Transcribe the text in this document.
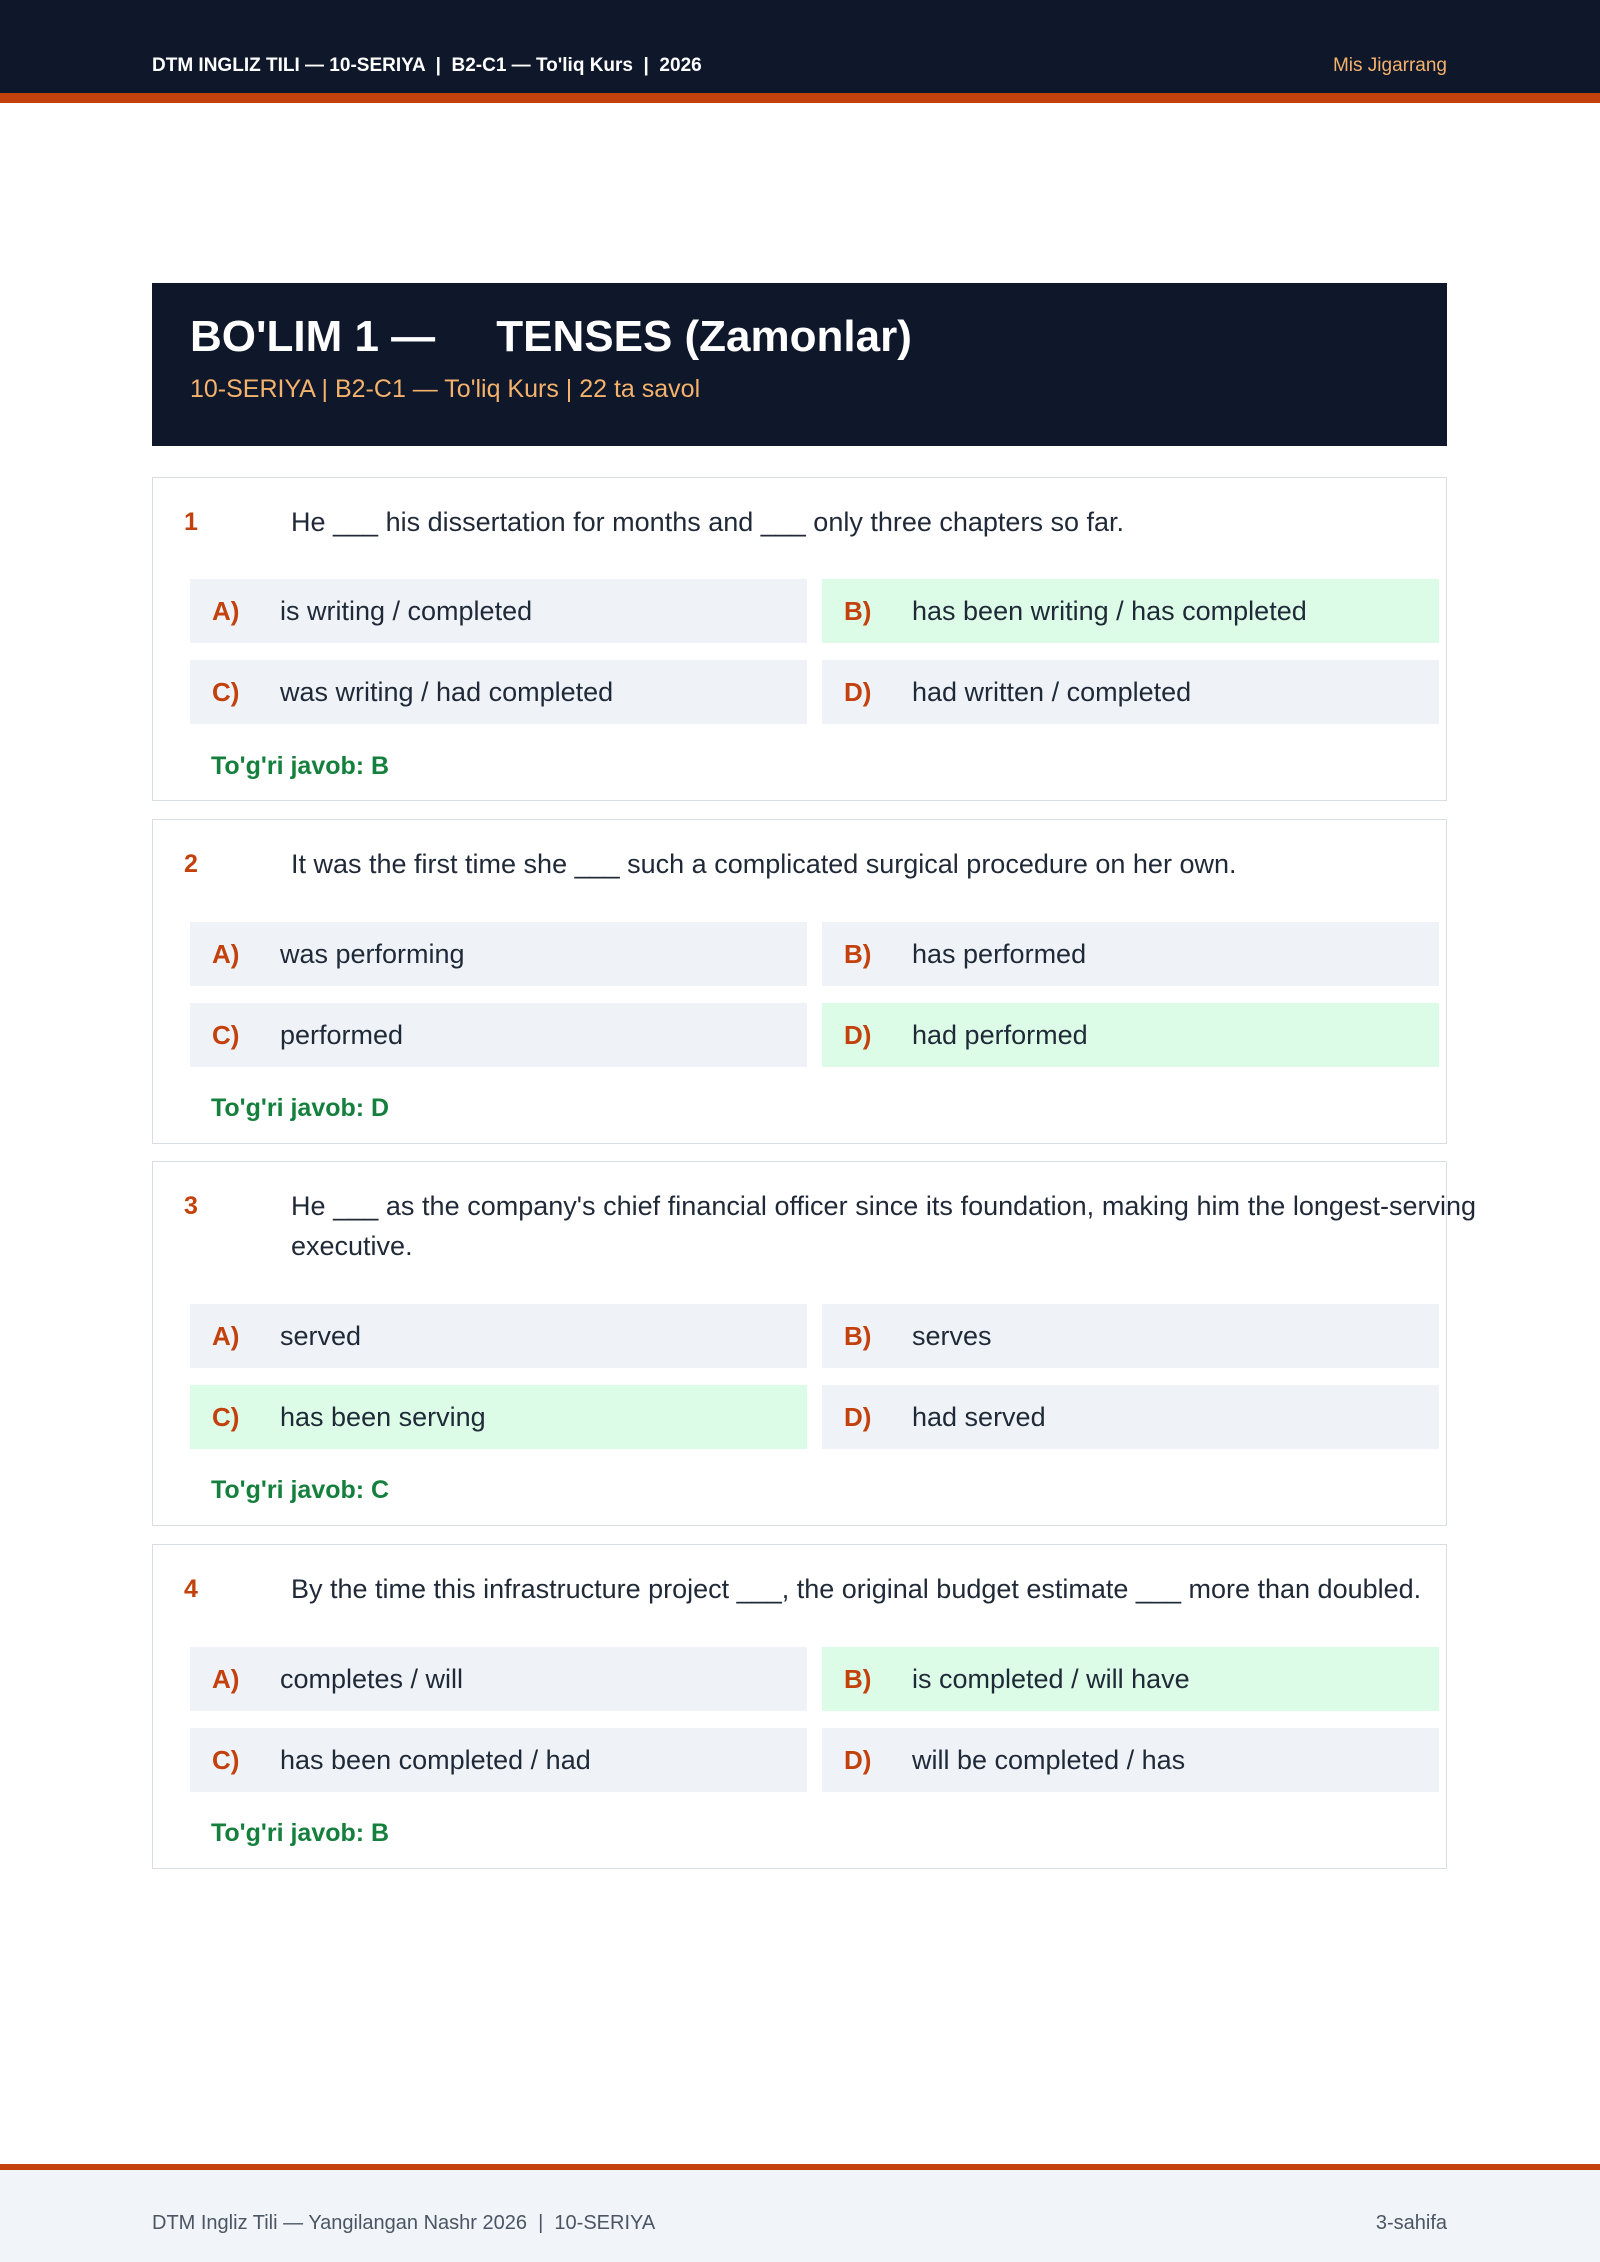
DTM INGLIZ TILI — 10-SERIYA  |  B2-C1 — To'liq Kurs  |  2026	Mis Jigarrang
BO'LIM 1 —     TENSES (Zamonlar)
10-SERIYA | B2-C1 — To'liq Kurs | 22 ta savol
1	He ___ his dissertation for months and ___ only three chapters so far.
A) is writing / completed	B) has been writing / has completed
C) was writing / had completed	D) had written / completed
To'g'ri javob: B
2	It was the first time she ___ such a complicated surgical procedure on her own.
A) was performing	B) has performed
C) performed	D) had performed
To'g'ri javob: D
3	He ___ as the company's chief financial officer since its foundation, making him the longest-serving executive.
A) served	B) serves
C) has been serving	D) had served
To'g'ri javob: C
4	By the time this infrastructure project ___, the original budget estimate ___ more than doubled.
A) completes / will	B) is completed / will have
C) has been completed / had	D) will be completed / has
To'g'ri javob: B
DTM Ingliz Tili — Yangilangan Nashr 2026  |  10-SERIYA	3-sahifa
